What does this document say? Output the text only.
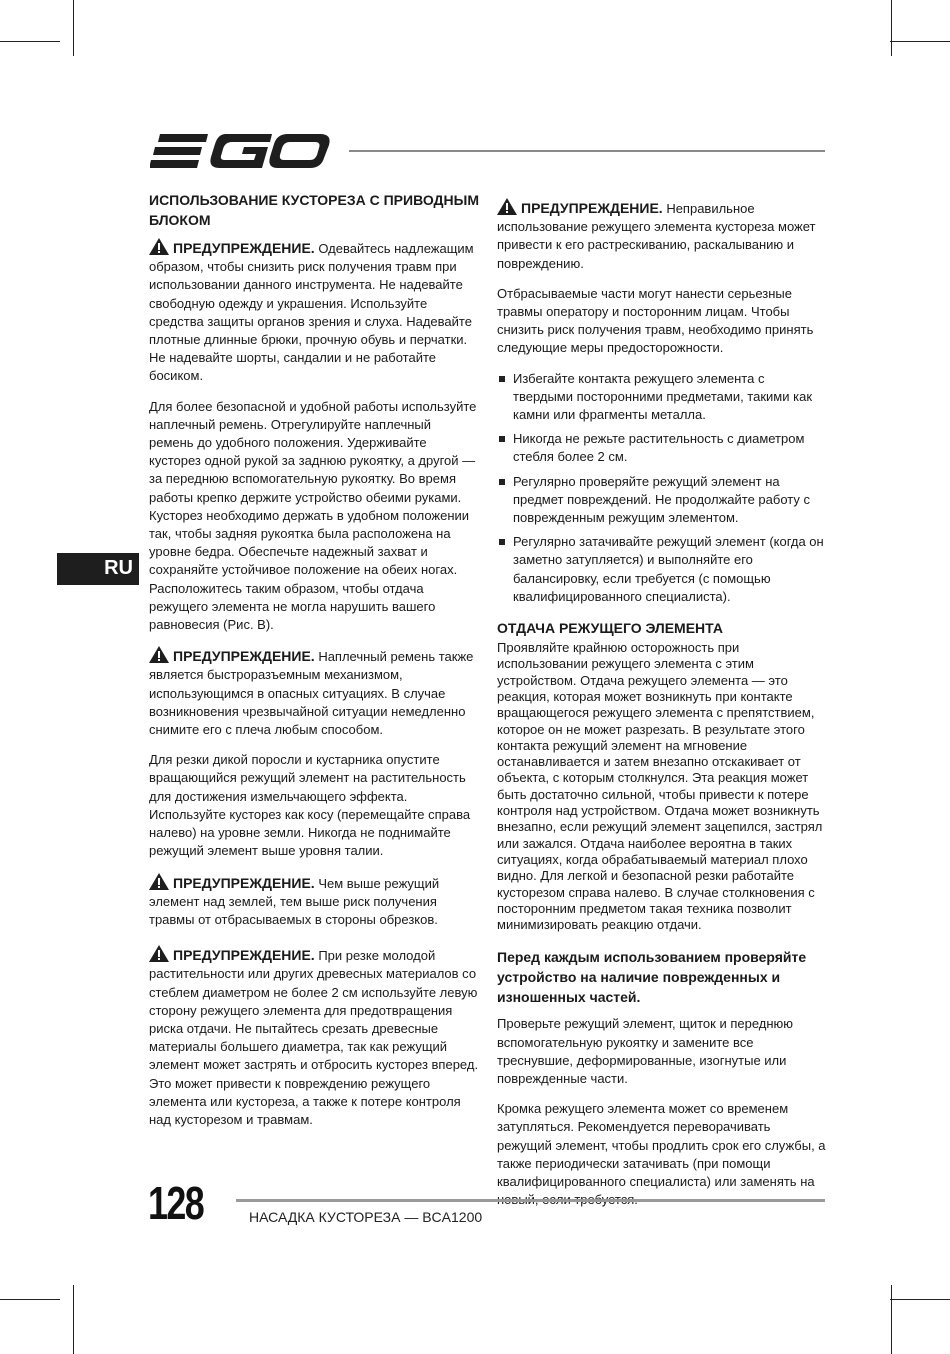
RU
ИСПОЛЬЗОВАНИЕ КУСТОРЕЗА С ПРИВОДНЫМ БЛОКОМ

ПРЕДУПРЕЖДЕНИЕ. Одевайтесь надлежащим образом, чтобы снизить риск получения травм при использовании данного инструмента. Не надевайте свободную одежду и украшения. Используйте средства защиты органов зрения и слуха. Надевайте плотные длинные брюки, прочную обувь и перчатки. Не надевайте шорты, сандалии и не работайте босиком.

Для более безопасной и удобной работы используйте наплечный ремень. Отрегулируйте наплечный ремень до удобного положения. Удерживайте кусторез одной рукой за заднюю рукоятку, а другой — за переднюю вспомогательную рукоятку. Во время работы крепко держите устройство обеими руками. Кусторез необходимо держать в удобном положении так, чтобы задняя рукоятка была расположена на уровне бедра. Обеспечьте надежный захват и сохраняйте устойчивое положение на обеих ногах.

Расположитесь таким образом, чтобы отдача режущего элемента не могла нарушить вашего равновесия (Рис. B).

ПРЕДУПРЕЖДЕНИЕ. Наплечный ремень также является быстроразъемным механизмом, использующимся в опасных ситуациях. В случае возникновения чрезвычайной ситуации немедленно снимите его с плеча любым способом.

Для резки дикой поросли и кустарника опустите вращающийся режущий элемент на растительность для достижения измельчающего эффекта. Используйте кусторез как косу (перемещайте справа налево) на уровне земли. Никогда не поднимайте режущий элемент выше уровня талии.

ПРЕДУПРЕЖДЕНИЕ. Чем выше режущий элемент над землей, тем выше риск получения травмы от отбрасываемых в стороны обрезков.

ПРЕДУПРЕЖДЕНИЕ. При резке молодой растительности или других древесных материалов со стеблем диаметром не более 2 см используйте левую сторону режущего элемента для предотвращения риска отдачи. Не пытайтесь срезать древесные материалы большего диаметра, так как режущий элемент может застрять и отбросить кусторез вперед. Это может привести к повреждению режущего элемента или кустореза, а также к потере контроля над кусторезом и травмам.

ПРЕДУПРЕЖДЕНИЕ. Неправильное использование режущего элемента кустореза может привести к его растрескиванию, раскалыванию и повреждению.

Отбрасываемые части могут нанести серьезные травмы оператору и посторонним лицам. Чтобы снизить риск получения травм, необходимо принять следующие меры предосторожности.

Избегайте контакта режущего элемента с твердыми посторонними предметами, такими как камни или фрагменты металла.
Никогда не режьте растительность с диаметром стебля более 2 см.
Регулярно проверяйте режущий элемент на предмет повреждений. Не продолжайте работу с поврежденным режущим элементом.
Регулярно затачивайте режущий элемент (когда он заметно затупляется) и выполняйте его балансировку, если требуется (с помощью квалифицированного специалиста).
ОТДАЧА РЕЖУЩЕГО ЭЛЕМЕНТА

Проявляйте крайнюю осторожность при использовании режущего элемента с этим устройством. Отдача режущего элемента — это реакция, которая может возникнуть при контакте вращающегося режущего элемента с препятствием, которое он не может разрезать. В результате этого контакта режущий элемент на мгновение останавливается и затем внезапно отскакивает от объекта, с которым столкнулся. Эта реакция может быть достаточно сильной, чтобы привести к потере контроля над устройством. Отдача может возникнуть внезапно, если режущий элемент зацепился, застрял или зажался. Отдача наиболее вероятна в таких ситуациях, когда обрабатываемый материал плохо видно. Для легкой и безопасной резки работайте кусторезом справа налево. В случае столкновения с посторонним предметом такая техника позволит минимизировать реакцию отдачи.

Перед каждым использованием проверяйте устройство на наличие поврежденных и изношенных частей.

Проверьте режущий элемент, щиток и переднюю вспомогательную рукоятку и замените все треснувшие, деформированные, изогнутые или поврежденные части.

Кромка режущего элемента может со временем затупляться. Рекомендуется переворачивать режущий элемент, чтобы продлить срок его службы, а также периодически затачивать (при помощи квалифицированного специалиста) или заменять на

128	НАСАДКА КУСТОРЕЗА — BCA1200
